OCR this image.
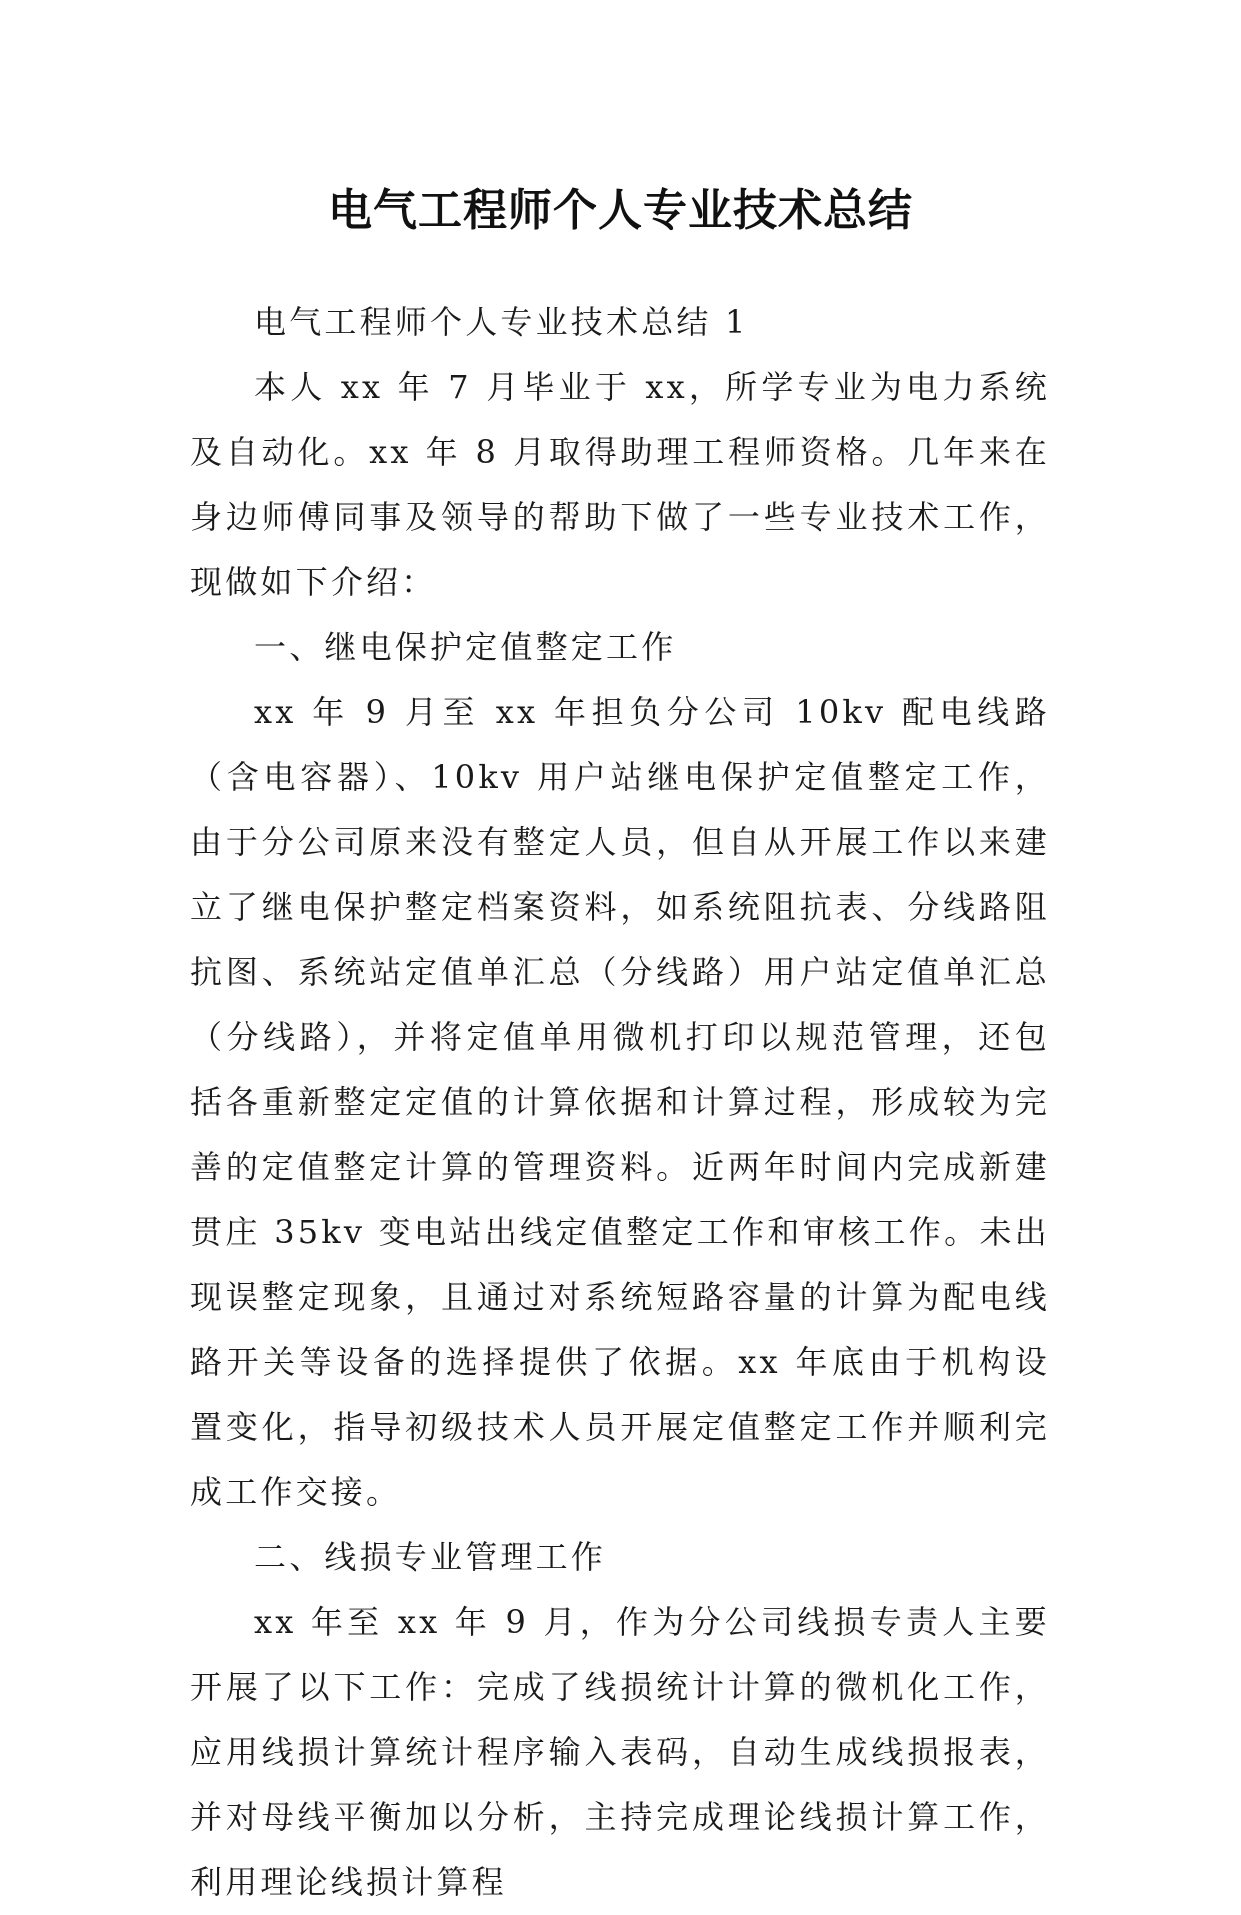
电气工程师个人专业技术总结

电气工程师个人专业技术总结 1

本人 xx 年 7 月毕业于 xx，所学专业为电力系统及自动化。xx 年 8 月取得助理工程师资格。几年来在身边师傅同事及领导的帮助下做了一些专业技术工作，现做如下介绍：

一、继电保护定值整定工作

xx 年 9 月至 xx 年担负分公司 10kv 配电线路（含电容器）、10kv 用户站继电保护定值整定工作，由于分公司原来没有整定人员，但自从开展工作以来建立了继电保护整定档案资料，如系统阻抗表、分线路阻抗图、系统站定值单汇总（分线路）用户站定值单汇总（分线路），并将定值单用微机打印以规范管理，还包括各重新整定定值的计算依据和计算过程，形成较为完善的定值整定计算的管理资料。近两年时间内完成新建贯庄 35kv 变电站出线定值整定工作和审核工作。未出现误整定现象，且通过对系统短路容量的计算为配电线路开关等设备的选择提供了依据。xx 年底由于机构设置变化，指导初级技术人员开展定值整定工作并顺利完成工作交接。

二、线损专业管理工作

xx 年至 xx 年 9 月，作为分公司线损专责人主要开展了以下工作：完成了线损统计计算的微机化工作，应用线损计算统计程序输入表码，自动生成线损报表，并对母线平衡加以分析，主持完成理论线损计算工作，利用理论线损计算程
